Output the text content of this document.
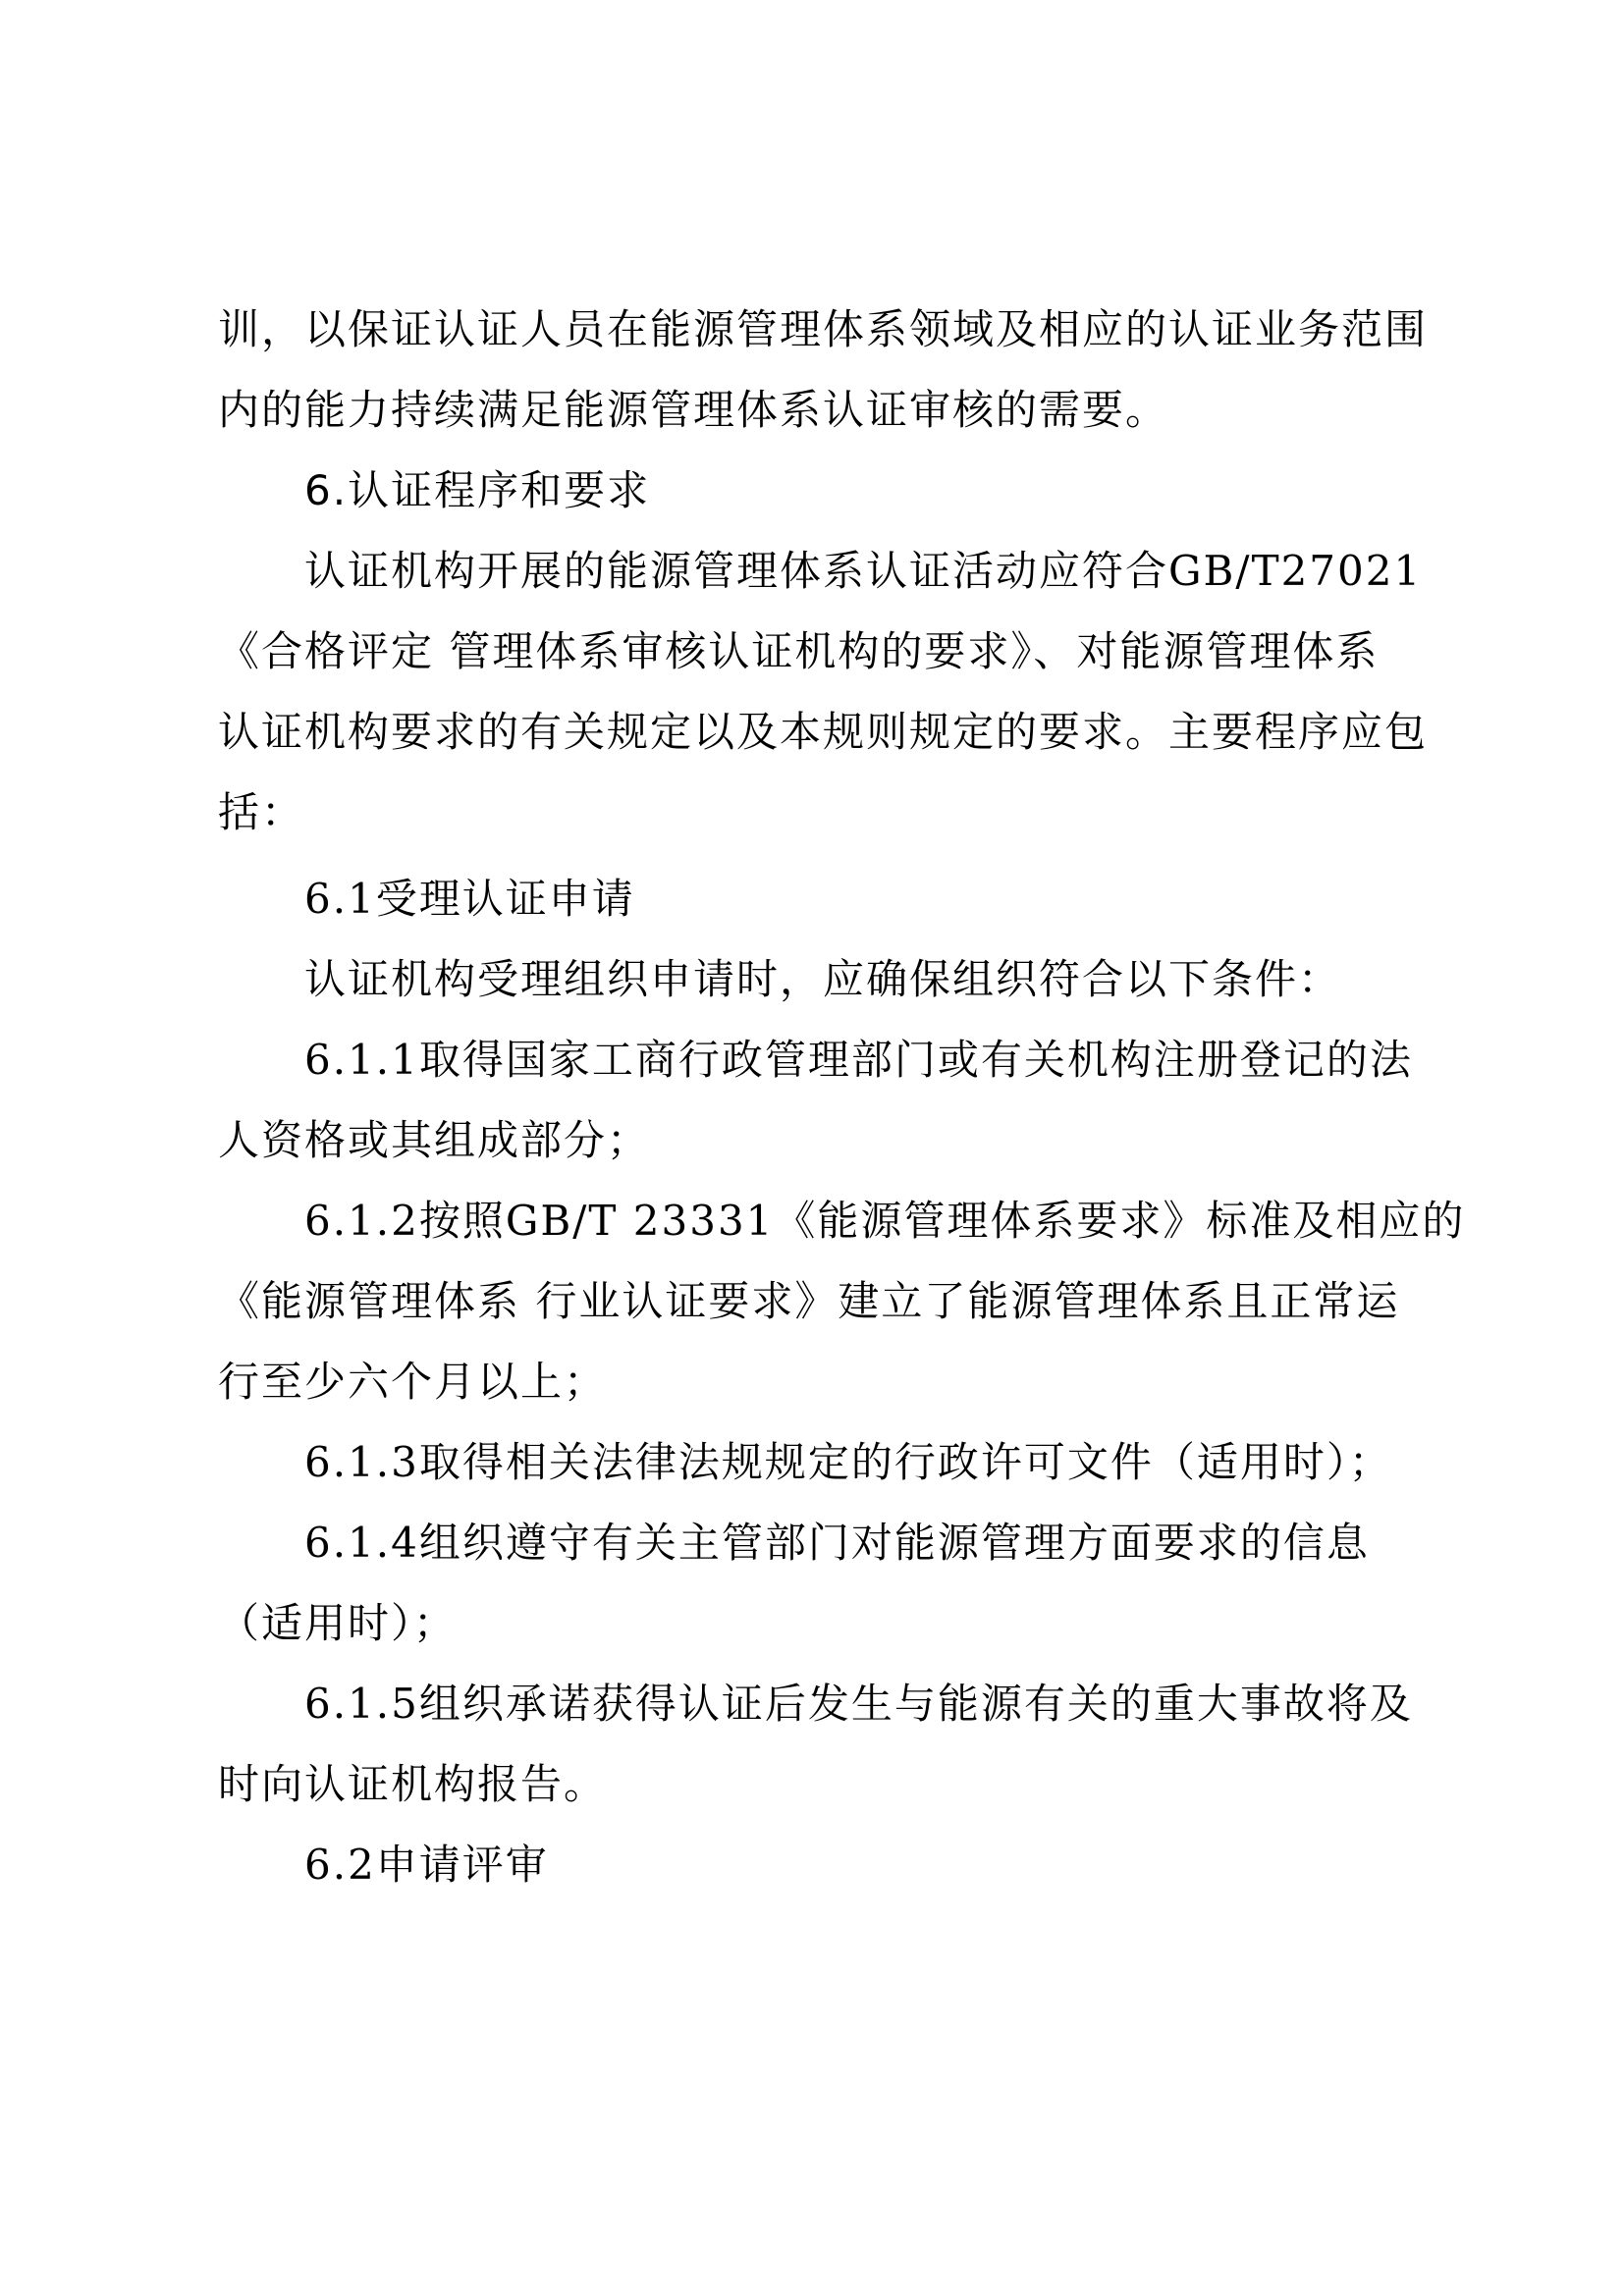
训，以保证认证人员在能源管理体系领域及相应的认证业务范围
内的能力持续满足能源管理体系认证审核的需要。
6.认证程序和要求
认证机构开展的能源管理体系认证活动应符合GB/T27021
《合格评定 管理体系审核认证机构的要求》、对能源管理体系
认证机构要求的有关规定以及本规则规定的要求。主要程序应包
括：
6.1受理认证申请
认证机构受理组织申请时，应确保组织符合以下条件：
6.1.1取得国家工商行政管理部门或有关机构注册登记的法
人资格或其组成部分；
6.1.2按照GB/T 23331《能源管理体系要求》标准及相应的
《能源管理体系 行业认证要求》建立了能源管理体系且正常运
行至少六个月以上；
6.1.3取得相关法律法规规定的行政许可文件（适用时）；
6.1.4组织遵守有关主管部门对能源管理方面要求的信息
（适用时）；
6.1.5组织承诺获得认证后发生与能源有关的重大事故将及
时向认证机构报告。
6.2申请评审
